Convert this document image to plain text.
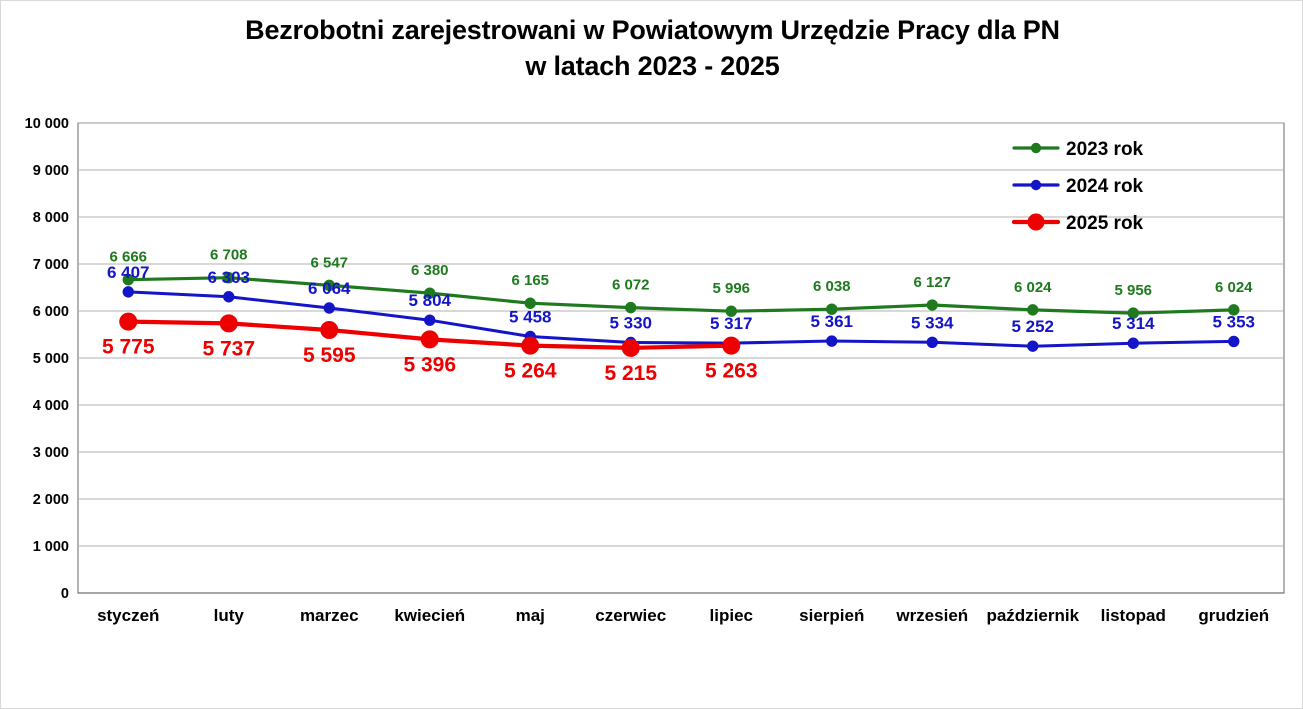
Bezrobotni zarejestrowani w Powiatowym Urzędzie Pracy dla PN
w latach 2023 - 2025
0
1 000
2 000
3 000
4 000
5 000
6 000
7 000
8 000
9 000
10 000
styczeń	luty	marzec kwiecień	maj	czerwiec	lipiec	sierpień wrzesień październik listopad grudzień
6 666	6 708	6 547	6 380
6 165	6 072	5 996	6 038	6 127	6 024	5 956	6 024
6 407	6 303
6 064
5 804
5 458	5 330	5 317	5 361	5 334	5 252	5 314	5 353
5 775 5 737 5 595 5 396 5 264 5 215 5 263
2023 rok
2024 rok
2025 rok
